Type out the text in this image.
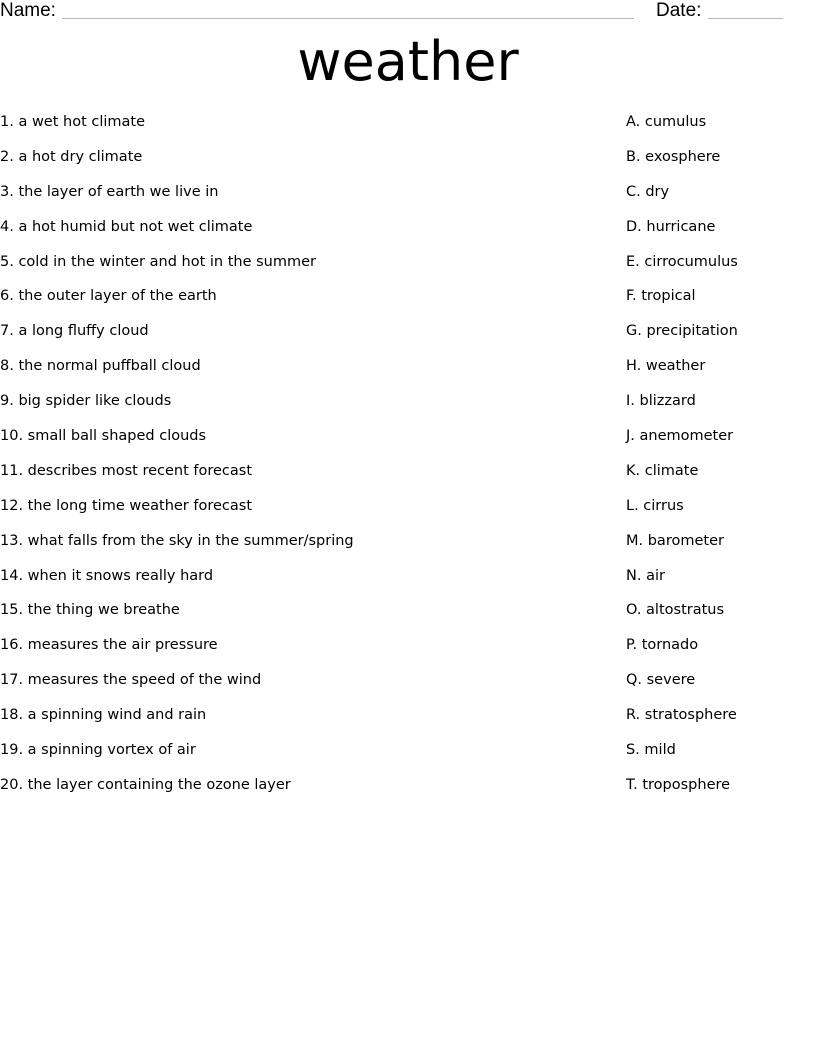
Name:	Date:
weather
1. a wet hot climate
2. a hot dry climate
3. the layer of earth we live in
4. a hot humid but not wet climate
5. cold in the winter and hot in the summer
6. the outer layer of the earth
7. a long fluffy cloud
8. the normal puffball cloud
9. big spider like clouds
10. small ball shaped clouds
11. describes most recent forecast
12. the long time weather forecast
13. what falls from the sky in the summer/spring
14. when it snows really hard
15. the thing we breathe
16. measures the air pressure
17. measures the speed of the wind
18. a spinning wind and rain
19. a spinning vortex of air
20. the layer containing the ozone layer
A. cumulus
B. exosphere
C. dry
D. hurricane
E. cirrocumulus
F. tropical
G. precipitation
H. weather
I. blizzard
J. anemometer
K. climate
L. cirrus
M. barometer
N. air
O. altostratus
P. tornado
Q. severe
R. stratosphere
S. mild
T. troposphere
